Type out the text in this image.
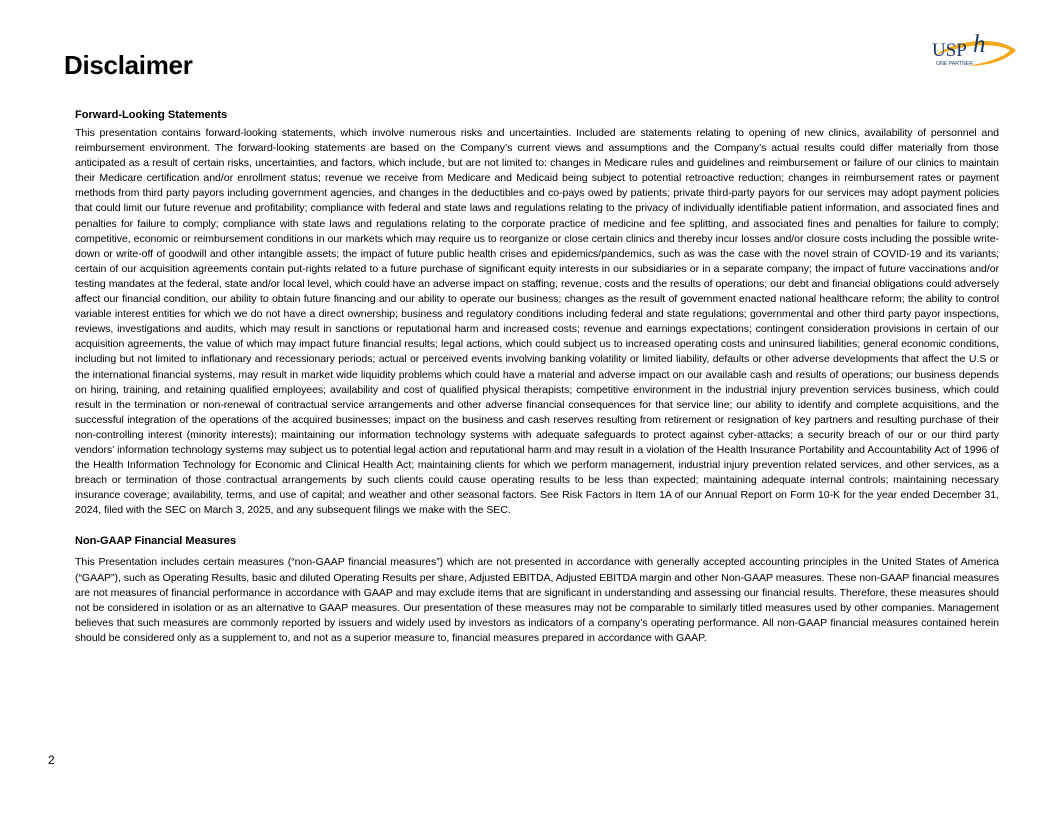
Disclaimer	USP h
ONE PARTNER

Forward-Looking Statements

This presentation contains forward-looking statements, which involve numerous risks and uncertainties. Included are statements relating to opening of new clinics, availability of personnel and reimbursement environment. The forward-looking statements are based on the Company’s current views and assumptions and the Company’s actual results could differ materially from those anticipated as a result of certain risks, uncertainties, and factors, which include, but are not limited to: changes in Medicare rules and guidelines and reimbursement or failure of our clinics to maintain their Medicare certification and/or enrollment status; revenue we receive from Medicare and Medicaid being subject to potential retroactive reduction; changes in reimbursement rates or payment methods from third party payors including government agencies, and changes in the deductibles and co-pays owed by patients; private third-party payors for our services may adopt payment policies that could limit our future revenue and profitability; compliance with federal and state laws and regulations relating to the privacy of individually identifiable patient information, and associated fines and penalties for failure to comply; compliance with state laws and regulations relating to the corporate practice of medicine and fee splitting, and associated fines and penalties for failure to comply; competitive, economic or reimbursement conditions in our markets which may require us to reorganize or close certain clinics and thereby incur losses and/or closure costs including the possible write-down or write-off of goodwill and other intangible assets; the impact of future public health crises and epidemics/pandemics, such as was the case with the novel strain of COVID-19 and its variants; certain of our acquisition agreements contain put-rights related to a future purchase of significant equity interests in our subsidiaries or in a separate company; the impact of future vaccinations and/or testing mandates at the federal, state and/or local level, which could have an adverse impact on staffing, revenue, costs and the results of operations; our debt and financial obligations could adversely affect our financial condition, our ability to obtain future financing and our ability to operate our business; changes as the result of government enacted national healthcare reform; the ability to control variable interest entities for which we do not have a direct ownership; business and regulatory conditions including federal and state regulations; governmental and other third party payor inspections, reviews, investigations and audits, which may result in sanctions or reputational harm and increased costs; revenue and earnings expectations; contingent consideration provisions in certain of our acquisition agreements, the value of which may impact future financial results; legal actions, which could subject us to increased operating costs and uninsured liabilities; general economic conditions, including but not limited to inflationary and recessionary periods; actual or perceived events involving banking volatility or limited liability, defaults or other adverse developments that affect the U.S or the international financial systems, may result in market wide liquidity problems which could have a material and adverse impact on our available cash and results of operations; our business depends on hiring, training, and retaining qualified employees; availability and cost of qualified physical therapists; competitive environment in the industrial injury prevention services business, which could result in the termination or non-renewal of contractual service arrangements and other adverse financial consequences for that service line; our ability to identify and complete acquisitions, and the successful integration of the operations of the acquired businesses; impact on the business and cash reserves resulting from retirement or resignation of key partners and resulting purchase of their non-controlling interest (minority interests); maintaining our information technology systems with adequate safeguards to protect against cyber-attacks; a security breach of our or our third party vendors’ information technology systems may subject us to potential legal action and reputational harm and may result in a violation of the Health Insurance Portability and Accountability Act of 1996 of the Health Information Technology for Economic and Clinical Health Act; maintaining clients for which we perform management, industrial injury prevention related services, and other services, as a breach or termination of those contractual arrangements by such clients could cause operating results to be less than expected; maintaining adequate internal controls; maintaining necessary insurance coverage; availability, terms, and use of capital; and weather and other seasonal factors. See Risk Factors in Item 1A of our Annual Report on Form 10-K for the year ended December 31, 2024, filed with the SEC on March 3, 2025, and any subsequent filings we make with the SEC.

Non-GAAP Financial Measures

This Presentation includes certain measures (“non-GAAP financial measures”) which are not presented in accordance with generally accepted accounting principles in the United States of America (“GAAP”), such as Operating Results, basic and diluted Operating Results per share, Adjusted EBITDA, Adjusted EBITDA margin and other Non-GAAP measures. These non-GAAP financial measures are not measures of financial performance in accordance with GAAP and may exclude items that are significant in understanding and assessing our financial results. Therefore, these measures should not be considered in isolation or as an alternative to GAAP measures. Our presentation of these measures may not be comparable to similarly titled measures used by other companies. Management believes that such measures are commonly reported by issuers and widely used by investors as indicators of a company’s operating performance. All non-GAAP financial measures contained herein should be considered only as a supplement to, and not as a superior measure to, financial measures prepared in accordance with GAAP.

2
